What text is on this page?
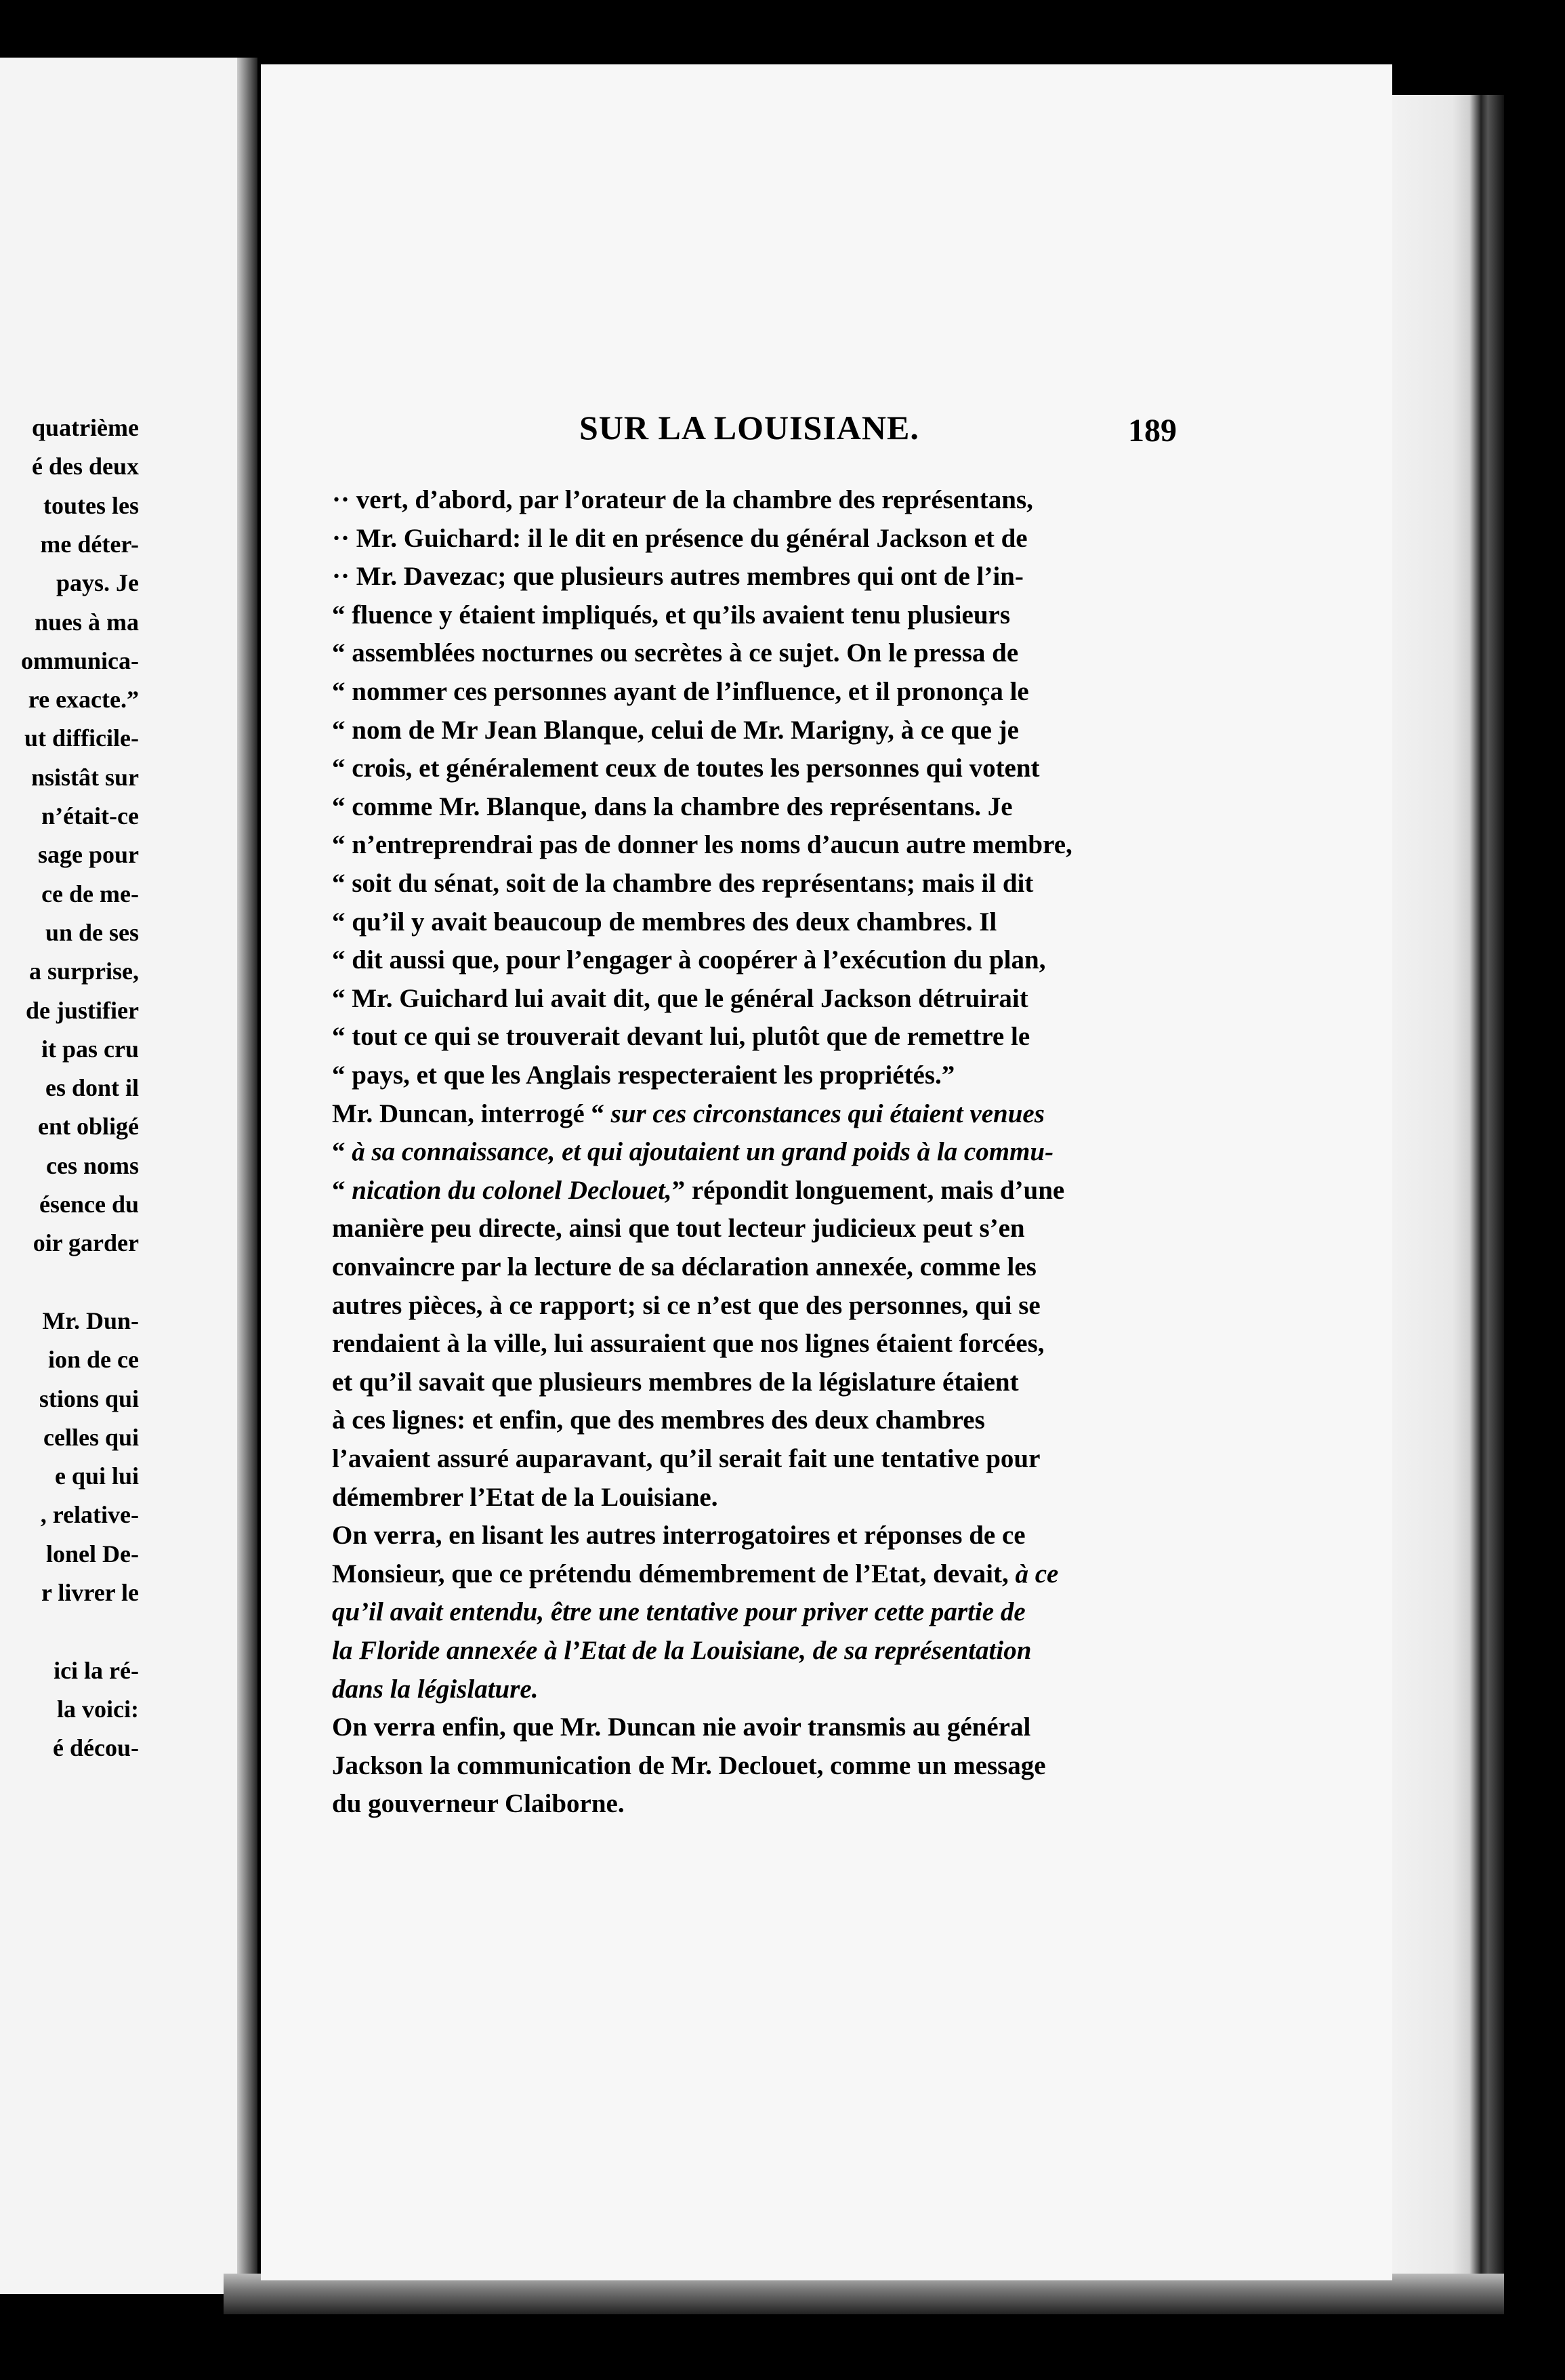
quatrième
é des deux
toutes les
me déter-
pays. Je
nues à ma
ommunica-
re exacte.”
ut difficile-
nsistât sur
n’était-ce
sage pour
ce de me-
un de ses
a surprise,
de justifier
it pas cru
es dont il
ent obligé
ces noms
ésence du
oir garder
Mr. Dun-
ion de ce
stions qui
celles qui
e qui lui
, relative-
lonel De-
r livrer le
ici la ré-
la voici:
é décou-
SUR LA LOUISIANE.	189
·· vert, d’abord, par l’orateur de la chambre des représentans,
·· Mr. Guichard: il le dit en présence du général Jackson et de
·· Mr. Davezac; que plusieurs autres membres qui ont de l’in-
“ fluence y étaient impliqués, et qu’ils avaient tenu plusieurs
“ assemblées nocturnes ou secrètes à ce sujet. On le pressa de
“ nommer ces personnes ayant de l’influence, et il prononça le
“ nom de Mr Jean Blanque, celui de Mr. Marigny, à ce que je
“ crois, et généralement ceux de toutes les personnes qui votent
“ comme Mr. Blanque, dans la chambre des représentans. Je
“ n’entreprendrai pas de donner les noms d’aucun autre membre,
“ soit du sénat, soit de la chambre des représentans; mais il dit
“ qu’il y avait beaucoup de membres des deux chambres. Il
“ dit aussi que, pour l’engager à coopérer à l’exécution du plan,
“ Mr. Guichard lui avait dit, que le général Jackson détruirait
“ tout ce qui se trouverait devant lui, plutôt que de remettre le
“ pays, et que les Anglais respecteraient les propriétés.”
Mr. Duncan, interrogé “ sur ces circonstances qui étaient venues
“ à sa connaissance, et qui ajoutaient un grand poids à la commu-
“ nication du colonel Declouet,” répondit longuement, mais d’une
manière peu directe, ainsi que tout lecteur judicieux peut s’en
convaincre par la lecture de sa déclaration annexée, comme les
autres pièces, à ce rapport; si ce n’est que des personnes, qui se
rendaient à la ville, lui assuraient que nos lignes étaient forcées,
et qu’il savait que plusieurs membres de la législature étaient
à ces lignes: et enfin, que des membres des deux chambres
l’avaient assuré auparavant, qu’il serait fait une tentative pour
démembrer l’Etat de la Louisiane.
On verra, en lisant les autres interrogatoires et réponses de ce
Monsieur, que ce prétendu démembrement de l’Etat, devait, à ce
qu’il avait entendu, être une tentative pour priver cette partie de
la Floride annexée à l’Etat de la Louisiane, de sa représentation
dans la législature.
On verra enfin, que Mr. Duncan nie avoir transmis au général
Jackson la communication de Mr. Declouet, comme un message
du gouverneur Claiborne.
